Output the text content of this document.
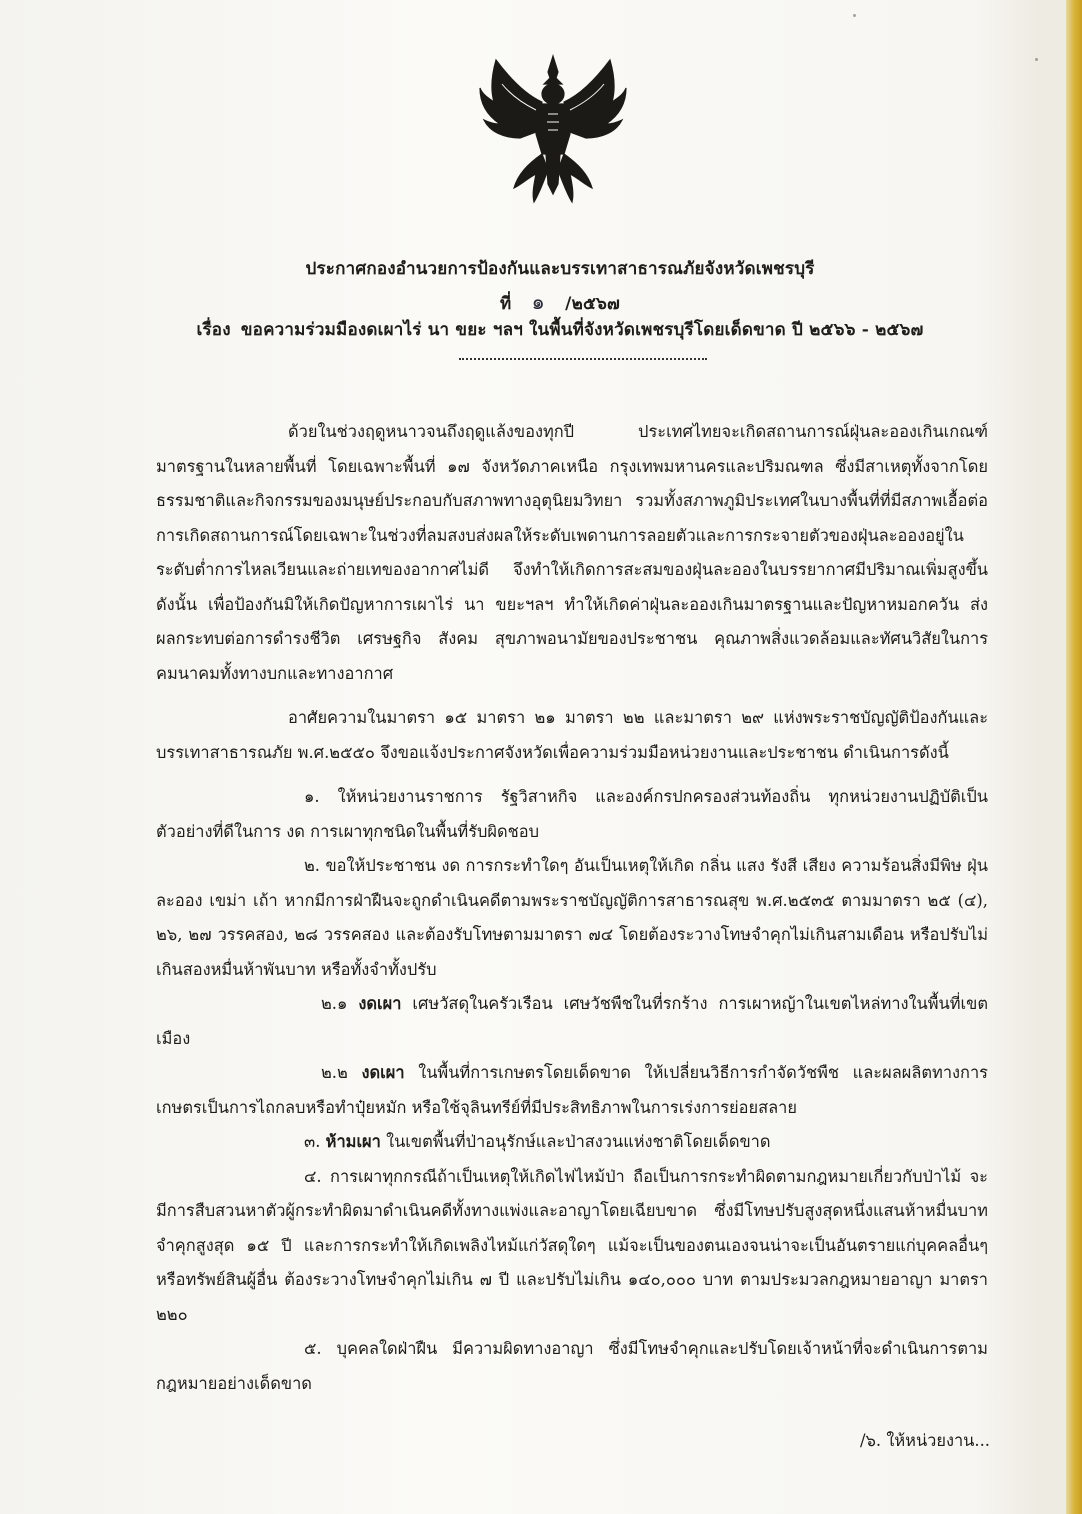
ประกาศกองอำนวยการป้องกันและบรรเทาสาธารณภัยจังหวัดเพชรบุรี
ที่ ๑ /๒๕๖๗
เรื่อง ขอความร่วมมืองดเผาไร่ นา ขยะ ฯลฯ ในพื้นที่จังหวัดเพชรบุรีโดยเด็ดขาด ปี ๒๕๖๖ - ๒๕๖๗

ด้วยในช่วงฤดูหนาวจนถึงฤดูแล้งของทุกปี ประเทศไทยจะเกิดสถานการณ์ฝุ่นละอองเกินเกณฑ์มาตรฐานในหลายพื้นที่ โดยเฉพาะพื้นที่ ๑๗ จังหวัดภาคเหนือ กรุงเทพมหานครและปริมณฑล ซึ่งมีสาเหตุทั้งจากโดยธรรมชาติและกิจกรรมของมนุษย์ประกอบกับสภาพทางอุตุนิยมวิทยา รวมทั้งสภาพภูมิประเทศในบางพื้นที่ที่มีสภาพเอื้อต่อการเกิดสถานการณ์โดยเฉพาะในช่วงที่ลมสงบส่งผลให้ระดับเพดานการลอยตัวและการกระจายตัวของฝุ่นละอองอยู่ในระดับต่ำการไหลเวียนและถ่ายเทของอากาศไม่ดี จึงทำให้เกิดการสะสมของฝุ่นละอองในบรรยากาศมีปริมาณเพิ่มสูงขึ้น ดังนั้น เพื่อป้องกันมิให้เกิดปัญหาการเผาไร่ นา ขยะฯลฯ ทำให้เกิดค่าฝุ่นละอองเกินมาตรฐานและปัญหาหมอกควัน ส่งผลกระทบต่อการดำรงชีวิต เศรษฐกิจ สังคม สุขภาพอนามัยของประชาชน คุณภาพสิ่งแวดล้อมและทัศนวิสัยในการคมนาคมทั้งทางบกและทางอากาศ

อาศัยความในมาตรา ๑๕ มาตรา ๒๑ มาตรา ๒๒ และมาตรา ๒๙ แห่งพระราชบัญญัติป้องกันและบรรเทาสาธารณภัย พ.ศ.๒๕๕๐ จึงขอแจ้งประกาศจังหวัดเพื่อความร่วมมือหน่วยงานและประชาชน ดำเนินการดังนี้

๑. ให้หน่วยงานราชการ รัฐวิสาหกิจ และองค์กรปกครองส่วนท้องถิ่น ทุกหน่วยงานปฏิบัติเป็นตัวอย่างที่ดีในการ งด การเผาทุกชนิดในพื้นที่รับผิดชอบ

๒. ขอให้ประชาชน งด การกระทำใดๆ อันเป็นเหตุให้เกิด กลิ่น แสง รังสี เสียง ความร้อนสิ่งมีพิษ ฝุ่นละออง เขม่า เถ้า หากมีการฝ่าฝืนจะถูกดำเนินคดีตามพระราชบัญญัติการสาธารณสุข พ.ศ.๒๕๓๕ ตามมาตรา ๒๕ (๔), ๒๖, ๒๗ วรรคสอง, ๒๘ วรรคสอง และต้องรับโทษตามมาตรา ๗๔ โดยต้องระวางโทษจำคุกไม่เกินสามเดือน หรือปรับไม่เกินสองหมื่นห้าพันบาท หรือทั้งจำทั้งปรับ

๒.๑ งดเผา เศษวัสดุในครัวเรือน เศษวัชพืชในที่รกร้าง การเผาหญ้าในเขตไหล่ทางในพื้นที่เขตเมือง

๒.๒ งดเผา ในพื้นที่การเกษตรโดยเด็ดขาด ให้เปลี่ยนวิธีการกำจัดวัชพืช และผลผลิตทางการเกษตรเป็นการไถกลบหรือทำปุ๋ยหมัก หรือใช้จุลินทรีย์ที่มีประสิทธิภาพในการเร่งการย่อยสลาย

๓. ห้ามเผา ในเขตพื้นที่ป่าอนุรักษ์และป่าสงวนแห่งชาติโดยเด็ดขาด

๔. การเผาทุกกรณีถ้าเป็นเหตุให้เกิดไฟไหม้ป่า ถือเป็นการกระทำผิดตามกฎหมายเกี่ยวกับป่าไม้ จะมีการสืบสวนหาตัวผู้กระทำผิดมาดำเนินคดีทั้งทางแพ่งและอาญาโดยเฉียบขาด ซึ่งมีโทษปรับสูงสุดหนึ่งแสนห้าหมื่นบาท จำคุกสูงสุด ๑๕ ปี และการกระทำให้เกิดเพลิงไหม้แก่วัสดุใดๆ แม้จะเป็นของตนเองจนน่าจะเป็นอันตรายแก่บุคคลอื่นๆ หรือทรัพย์สินผู้อื่น ต้องระวางโทษจำคุกไม่เกิน ๗ ปี และปรับไม่เกิน ๑๔๐,๐๐๐ บาท ตามประมวลกฎหมายอาญา มาตรา ๒๒๐

๕. บุคคลใดฝ่าฝืน มีความผิดทางอาญา ซึ่งมีโทษจำคุกและปรับโดยเจ้าหน้าที่จะดำเนินการตามกฎหมายอย่างเด็ดขาด

/๖. ให้หน่วยงาน...
